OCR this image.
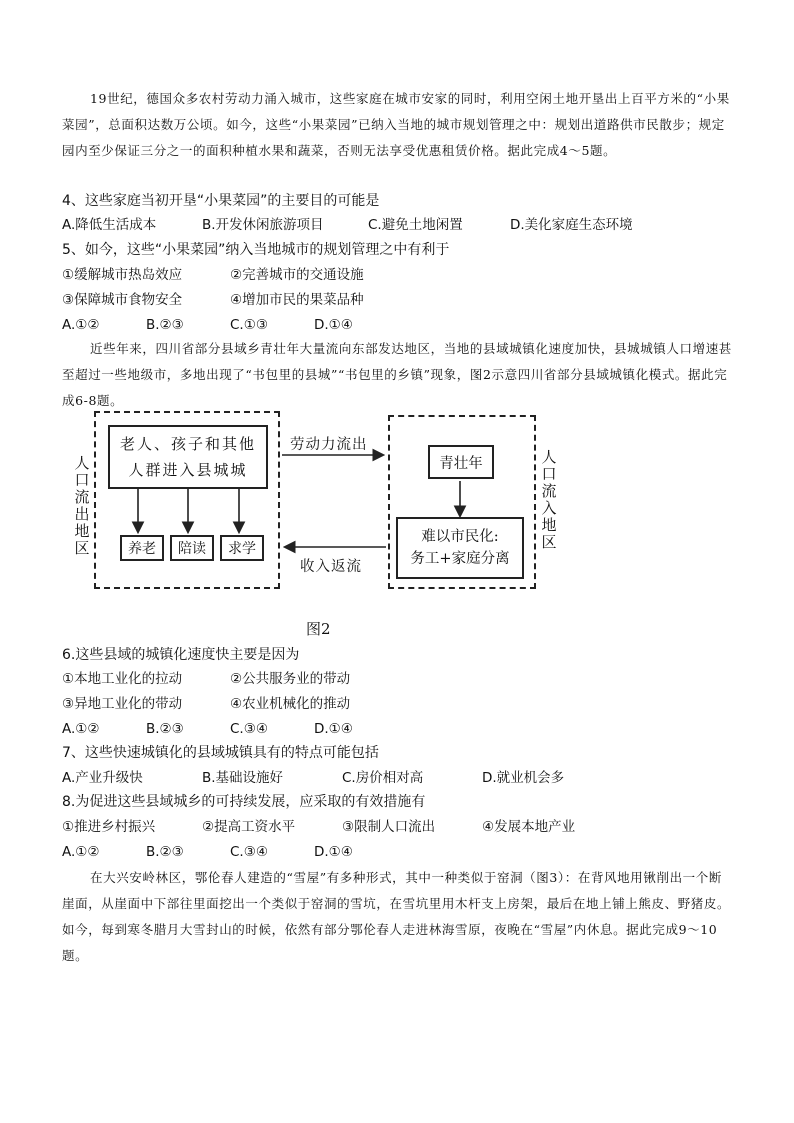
19世纪，德国众多农村劳动力涌入城市，这些家庭在城市安家的同时，利用空闲土地开垦出上百平方米的“小果菜园”，总面积达数万公顷。如今，这些“小果菜园”已纳入当地的城市规划管理之中：规划出道路供市民散步；规定园内至少保证三分之一的面积种植水果和蔬菜，否则无法享受优惠租赁价格。据此完成4～5题。

4、这些家庭当初开垦“小果菜园”的主要目的可能是

A.降低生活成本	B.开发休闲旅游项目	C.避免土地闲置	D.美化家庭生态环境

5、如今，这些“小果菜园”纳入当地城市的规划管理之中有利于

①缓解城市热岛效应	②完善城市的交通设施
③保障城市食物安全	④增加市民的果菜品种
A.①②	B.②③	C.①③	D.①④

近些年来，四川省部分县域乡青壮年大量流向东部发达地区，当地的县域城镇化速度加快，县城城镇人口增速甚至超过一些地级市，多地出现了“书包里的县城”“书包里的乡镇”现象，图2示意四川省部分县域城镇化模式。据此完成6-8题。

人口流出地区
老人、孩子和其他人群进入县城城
养老 陪读 求学
劳动力流出
收入返流
人口流入地区
青壮年
难以市民化:
务工+家庭分离
图2

6.这些县域的城镇化速度快主要是因为

①本地工业化的拉动	②公共服务业的带动
③异地工业化的带动	④农业机械化的推动
A.①②	B.②③	C.③④	D.①④

7、这些快速城镇化的县域城镇具有的特点可能包括

A.产业升级快	B.基础设施好	C.房价相对高	D.就业机会多

8.为促进这些县域城乡的可持续发展，应采取的有效措施有

①推进乡村振兴	②提高工资水平	③限制人口流出	④发展本地产业
A.①②	B.②③	C.③④	D.①④

在大兴安岭林区，鄂伦春人建造的“雪屋”有多种形式，其中一种类似于窑洞（图3）：在背风地用锹削出一个断崖面，从崖面中下部往里面挖出一个类似于窑洞的雪坑，在雪坑里用木杆支上房架，最后在地上铺上熊皮、野猪皮。如今，每到寒冬腊月大雪封山的时候，依然有部分鄂伦春人走进林海雪原，夜晚在“雪屋”内休息。据此完成9～10题。
